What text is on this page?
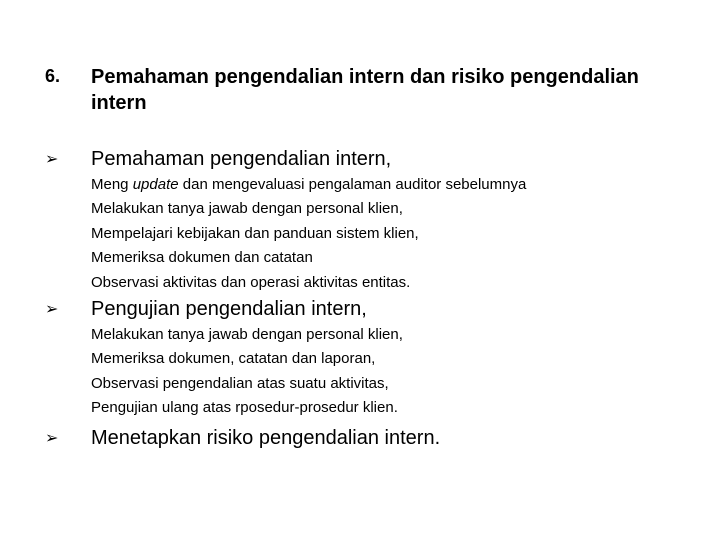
6. Pemahaman pengendalian intern dan risiko pengendalian intern
➢ Pemahaman pengendalian intern,
Meng update dan mengevaluasi pengalaman auditor sebelumnya
Melakukan tanya jawab dengan personal klien,
Mempelajari kebijakan dan panduan sistem klien,
Memeriksa dokumen dan catatan
Observasi aktivitas dan operasi aktivitas entitas.
➢ Pengujian pengendalian intern,
Melakukan tanya jawab dengan personal klien,
Memeriksa dokumen, catatan dan laporan,
Observasi pengendalian atas suatu aktivitas,
Pengujian ulang atas rposedur-prosedur klien.
➢ Menetapkan risiko pengendalian intern.
